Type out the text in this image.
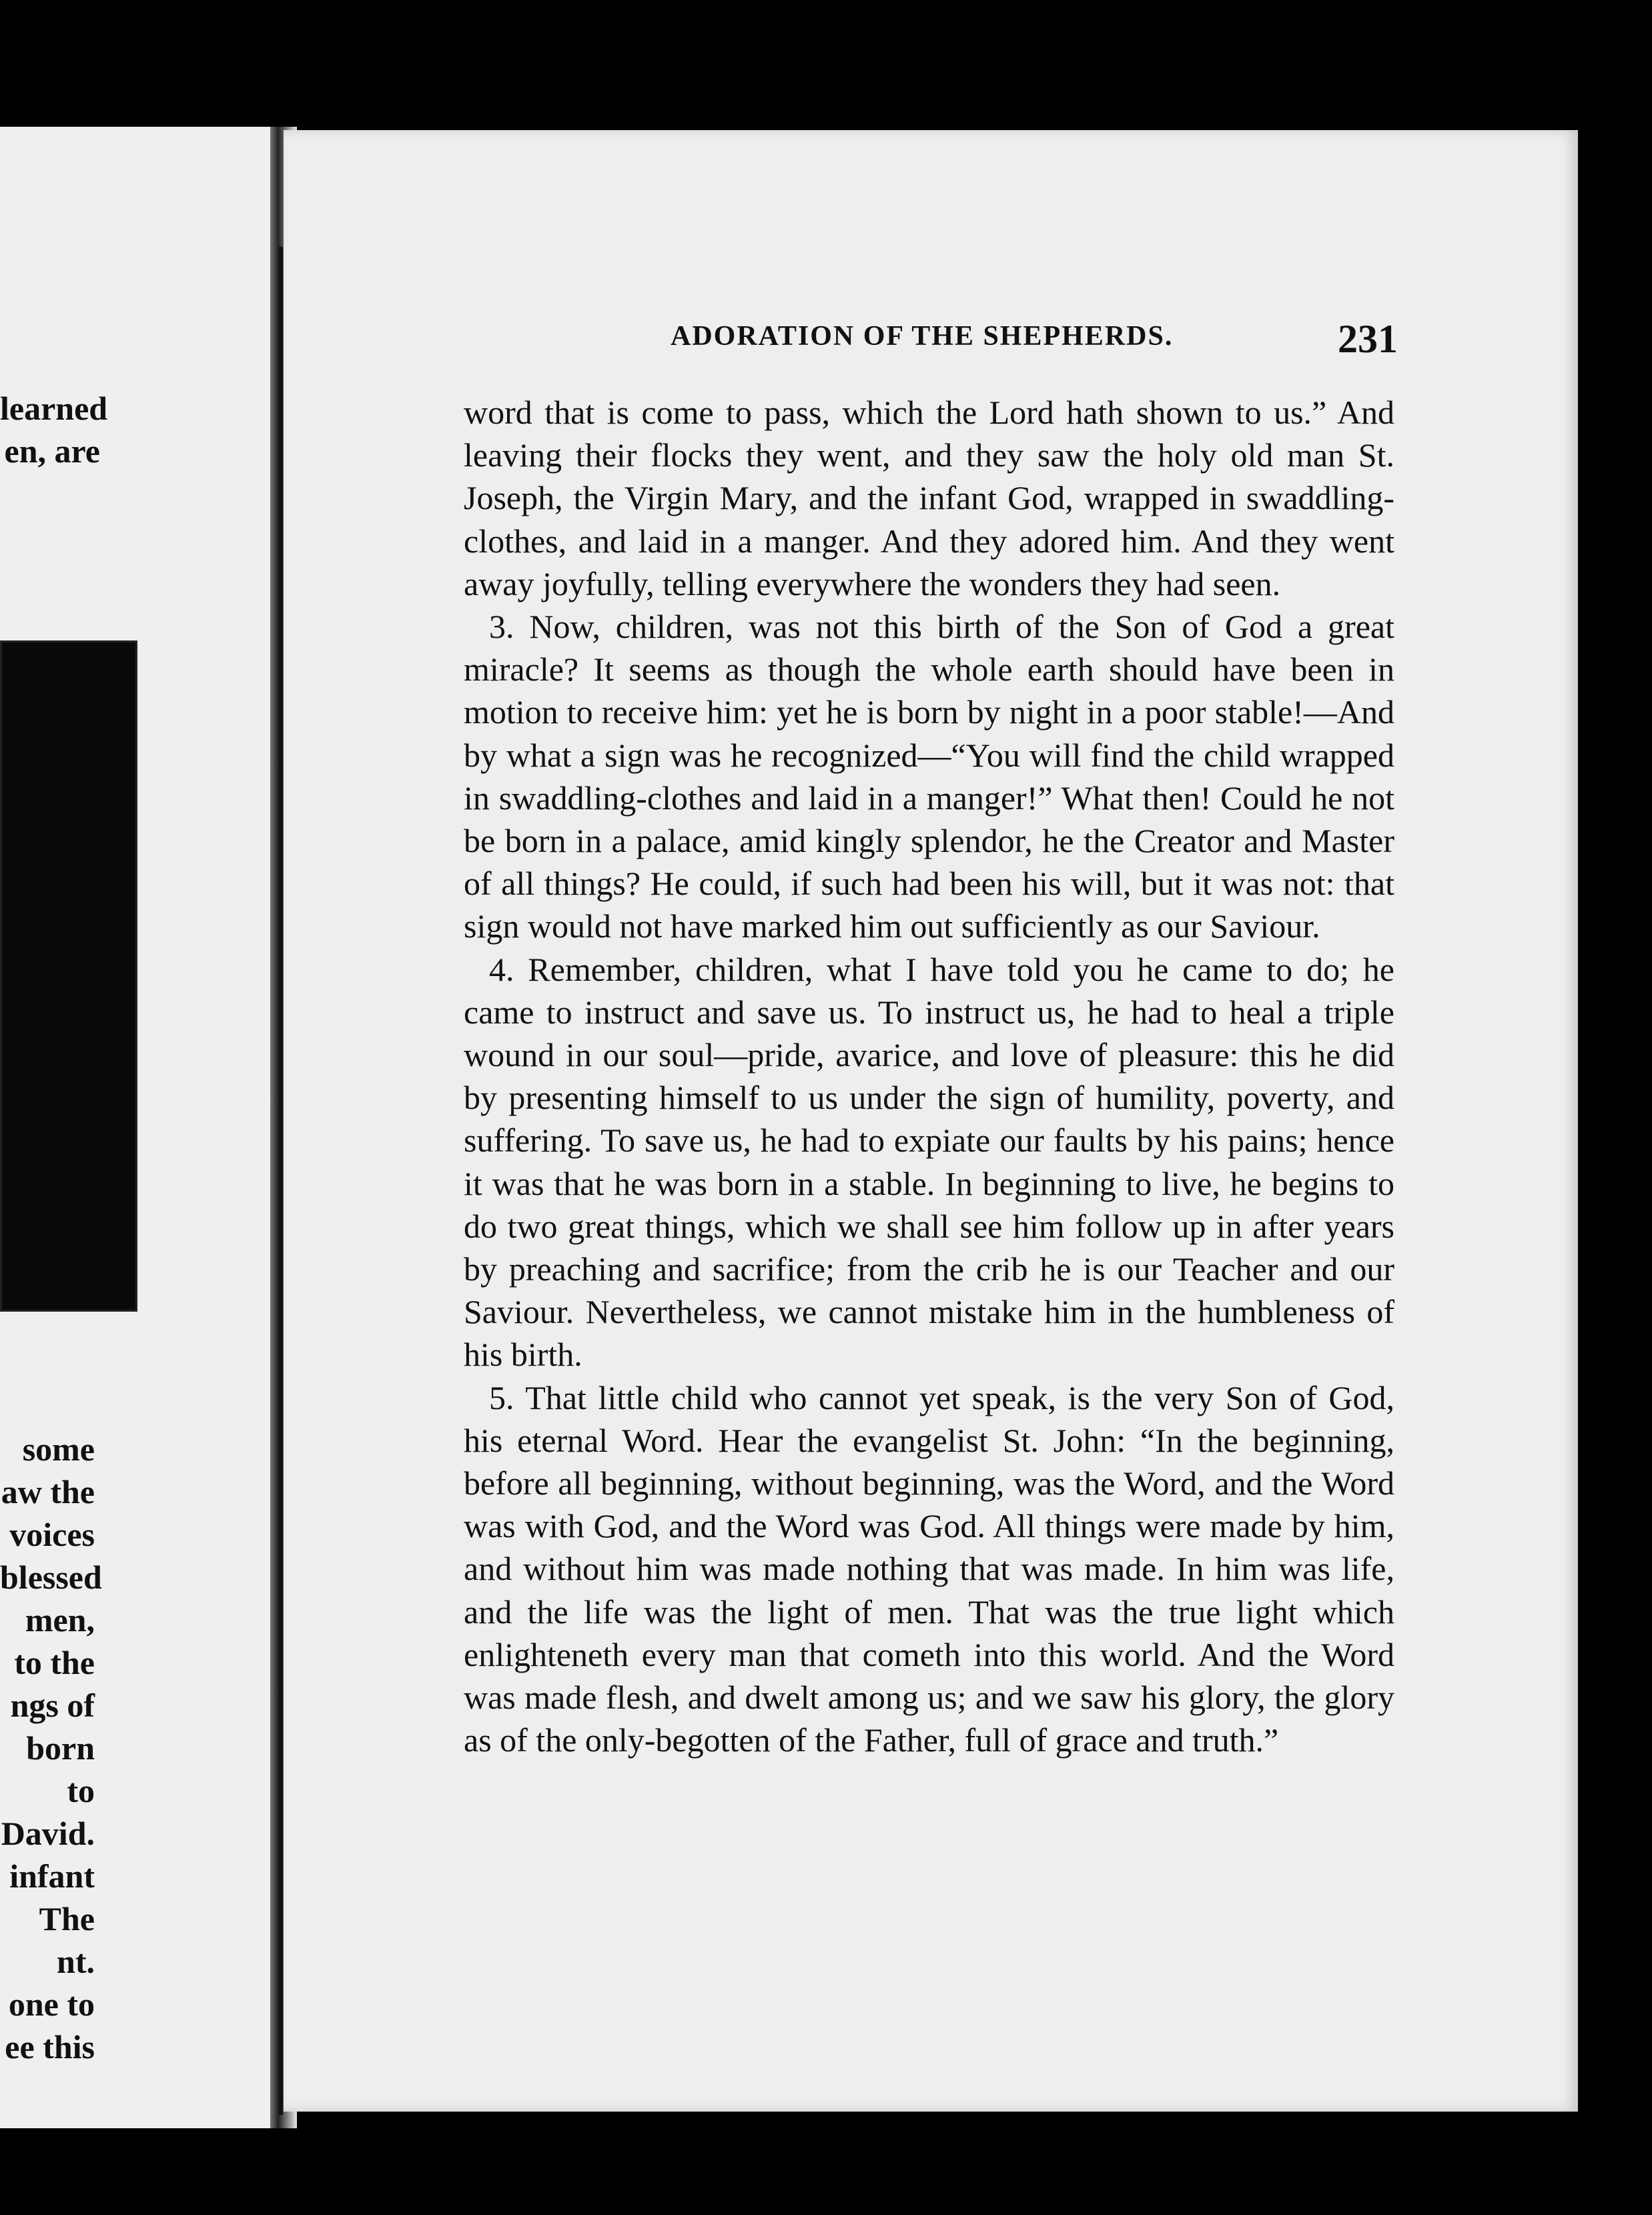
learned
en, are
some
aw the
voices
blessed
men,
to the
ngs of
born to
David.
infant
The
nt.
one to
ee this
ADORATION OF THE SHEPHERDS.	231

word that is come to pass, which the Lord hath shown to us.” And leaving their flocks they went, and they saw the holy old man St. Joseph, the Virgin Mary, and the infant God, wrapped in swaddling-clothes, and laid in a manger. And they adored him. And they went away joyfully, telling everywhere the wonders they had seen.

3. Now, children, was not this birth of the Son of God a great miracle? It seems as though the whole earth should have been in motion to receive him: yet he is born by night in a poor stable!—And by what a sign was he recognized—“You will find the child wrapped in swaddling-clothes and laid in a manger!” What then! Could he not be born in a palace, amid kingly splendor, he the Creator and Master of all things? He could, if such had been his will, but it was not: that sign would not have marked him out sufficiently as our Saviour.

4. Remember, children, what I have told you he came to do; he came to instruct and save us. To instruct us, he had to heal a triple wound in our soul—pride, avarice, and love of pleasure: this he did by presenting himself to us under the sign of humility, poverty, and suffering. To save us, he had to expiate our faults by his pains; hence it was that he was born in a stable. In beginning to live, he begins to do two great things, which we shall see him follow up in after years by preaching and sacrifice; from the crib he is our Teacher and our Saviour. Nevertheless, we cannot mistake him in the humbleness of his birth.

5. That little child who cannot yet speak, is the very Son of God, his eternal Word. Hear the evangelist St. John: “In the beginning, before all beginning, without beginning, was the Word, and the Word was with God, and the Word was God. All things were made by him, and without him was made nothing that was made. In him was life, and the life was the light of men. That was the true light which enlighteneth every man that cometh into this world. And the Word was made flesh, and dwelt among us; and we saw his glory, the glory as of the only-begotten of the Father, full of grace and truth.”
